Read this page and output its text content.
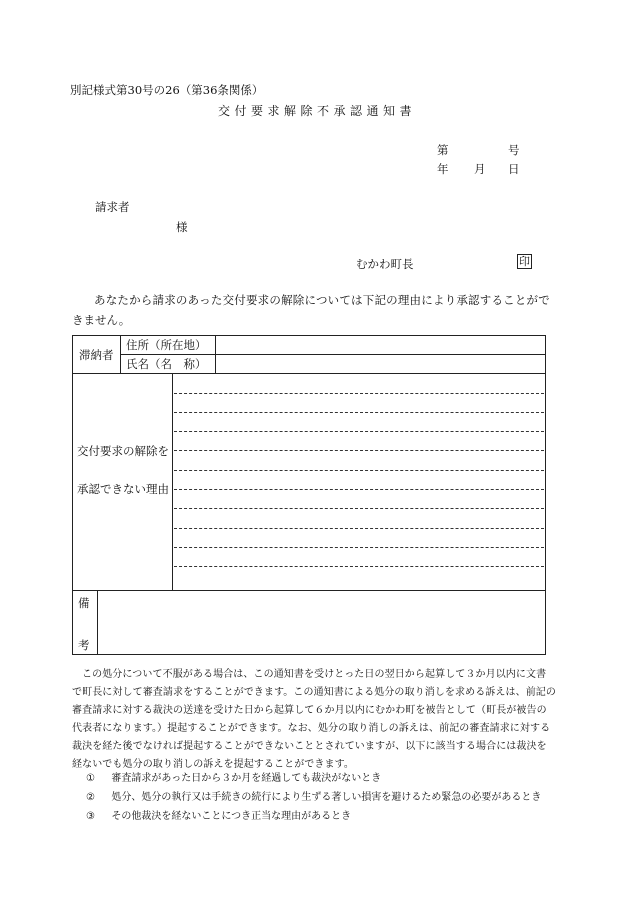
別記様式第30号の26（第36条関係）
交付要求解除不承認通知書
第	号
年 月 日
請求者
様
むかわ町長	印
あなたから請求のあった交付要求の解除については下記の理由により承認することがで
きません。
滞納者
住所（所在地）
氏名（名　称）
交付要求の解除を
承認できない理由
備
考

この処分について不服がある場合は、この通知書を受けとった日の翌日から起算して３か月以内に文書で町長に対して審査請求をすることができます。この通知書による処分の取り消しを求める訴えは、前記の審査請求に対する裁決の送達を受けた日から起算して６か月以内にむかわ町を被告として（町長が被告の代表者になります。）提起することができます。なお、処分の取り消しの訴えは、前記の審査請求に対する裁決を経た後でなければ提起することができないこととされていますが、以下に該当する場合には裁決を経ないでも処分の取り消しの訴えを提起することができます。

① 審査請求があった日から３か月を経過しても裁決がないとき
② 処分、処分の執行又は手続きの続行により生ずる著しい損害を避けるため緊急の必要があるとき
③ その他裁決を経ないことにつき正当な理由があるとき
